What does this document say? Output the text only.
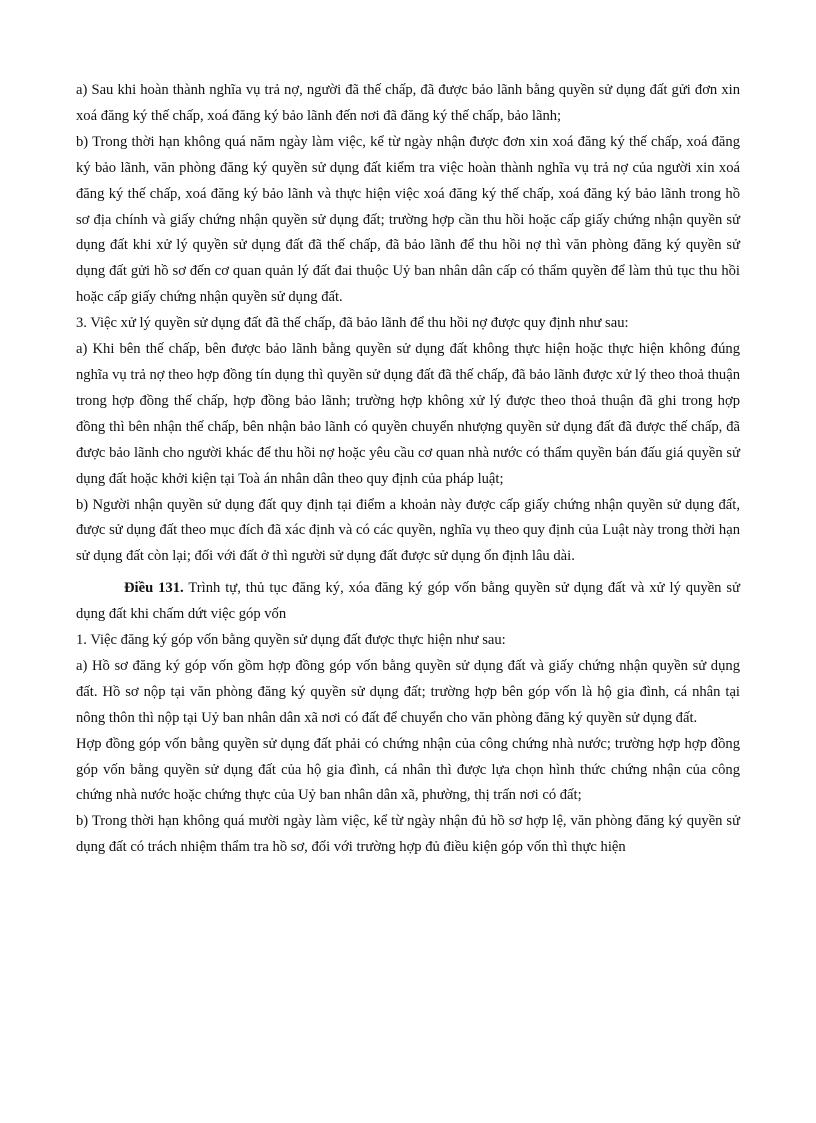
a) Sau khi hoàn thành nghĩa vụ trả nợ, người đã thế chấp, đã được bảo lãnh bằng quyền sử dụng đất gửi đơn xin xoá đăng ký thế chấp, xoá đăng ký bảo lãnh đến nơi đã đăng ký thế chấp, bảo lãnh;

b) Trong thời hạn không quá năm ngày làm việc, kể từ ngày nhận được đơn xin xoá đăng ký thế chấp, xoá đăng ký bảo lãnh, văn phòng đăng ký quyền sử dụng đất kiểm tra việc hoàn thành nghĩa vụ trả nợ của người xin xoá đăng ký thế chấp, xoá đăng ký bảo lãnh và thực hiện việc xoá đăng ký thế chấp, xoá đăng ký bảo lãnh trong hồ sơ địa chính và giấy chứng nhận quyền sử dụng đất; trường hợp cần thu hồi hoặc cấp giấy chứng nhận quyền sử dụng đất khi xử lý quyền sử dụng đất đã thế chấp, đã bảo lãnh để thu hồi nợ thì văn phòng đăng ký quyền sử dụng đất gửi hồ sơ đến cơ quan quản lý đất đai thuộc Uỷ ban nhân dân cấp có thẩm quyền để làm thủ tục thu hồi hoặc cấp giấy chứng nhận quyền sử dụng đất.

3. Việc xử lý quyền sử dụng đất đã thế chấp, đã bảo lãnh để thu hồi nợ được quy định như sau:

a) Khi bên thế chấp, bên được bảo lãnh bằng quyền sử dụng đất không thực hiện hoặc thực hiện không đúng nghĩa vụ trả nợ theo hợp đồng tín dụng thì quyền sử dụng đất đã thế chấp, đã bảo lãnh được xử lý theo thoả thuận trong hợp đồng thế chấp, hợp đồng bảo lãnh; trường hợp không xử lý được theo thoả thuận đã ghi trong hợp đồng thì bên nhận thế chấp, bên nhận bảo lãnh có quyền chuyển nhượng quyền sử dụng đất đã được thế chấp, đã được bảo lãnh cho người khác để thu hồi nợ hoặc yêu cầu cơ quan nhà nước có thẩm quyền bán đấu giá quyền sử dụng đất hoặc khởi kiện tại Toà án nhân dân theo quy định của pháp luật;

b) Người nhận quyền sử dụng đất quy định tại điểm a khoản này được cấp giấy chứng nhận quyền sử dụng đất, được sử dụng đất theo mục đích đã xác định và có các quyền, nghĩa vụ theo quy định của Luật này trong thời hạn sử dụng đất còn lại; đối với đất ở thì người sử dụng đất được sử dụng ổn định lâu dài.

Điều 131. Trình tự, thủ tục đăng ký, xóa đăng ký góp vốn bằng quyền sử dụng đất và xử lý quyền sử dụng đất khi chấm dứt việc góp vốn

1. Việc đăng ký góp vốn bằng quyền sử dụng đất được thực hiện như sau:

a) Hồ sơ đăng ký góp vốn gồm hợp đồng góp vốn bằng quyền sử dụng đất và giấy chứng nhận quyền sử dụng đất. Hồ sơ nộp tại văn phòng đăng ký quyền sử dụng đất; trường hợp bên góp vốn là hộ gia đình, cá nhân tại nông thôn thì nộp tại Uỷ ban nhân dân xã nơi có đất để chuyển cho văn phòng đăng ký quyền sử dụng đất.

Hợp đồng góp vốn bằng quyền sử dụng đất phải có chứng nhận của công chứng nhà nước; trường hợp hợp đồng góp vốn bằng quyền sử dụng đất của hộ gia đình, cá nhân thì được lựa chọn hình thức chứng nhận của công chứng nhà nước hoặc chứng thực của Uỷ ban nhân dân xã, phường, thị trấn nơi có đất;

b) Trong thời hạn không quá mười ngày làm việc, kể từ ngày nhận đủ hồ sơ hợp lệ, văn phòng đăng ký quyền sử dụng đất có trách nhiệm thẩm tra hồ sơ, đối với trường hợp đủ điều kiện góp vốn thì thực hiện
